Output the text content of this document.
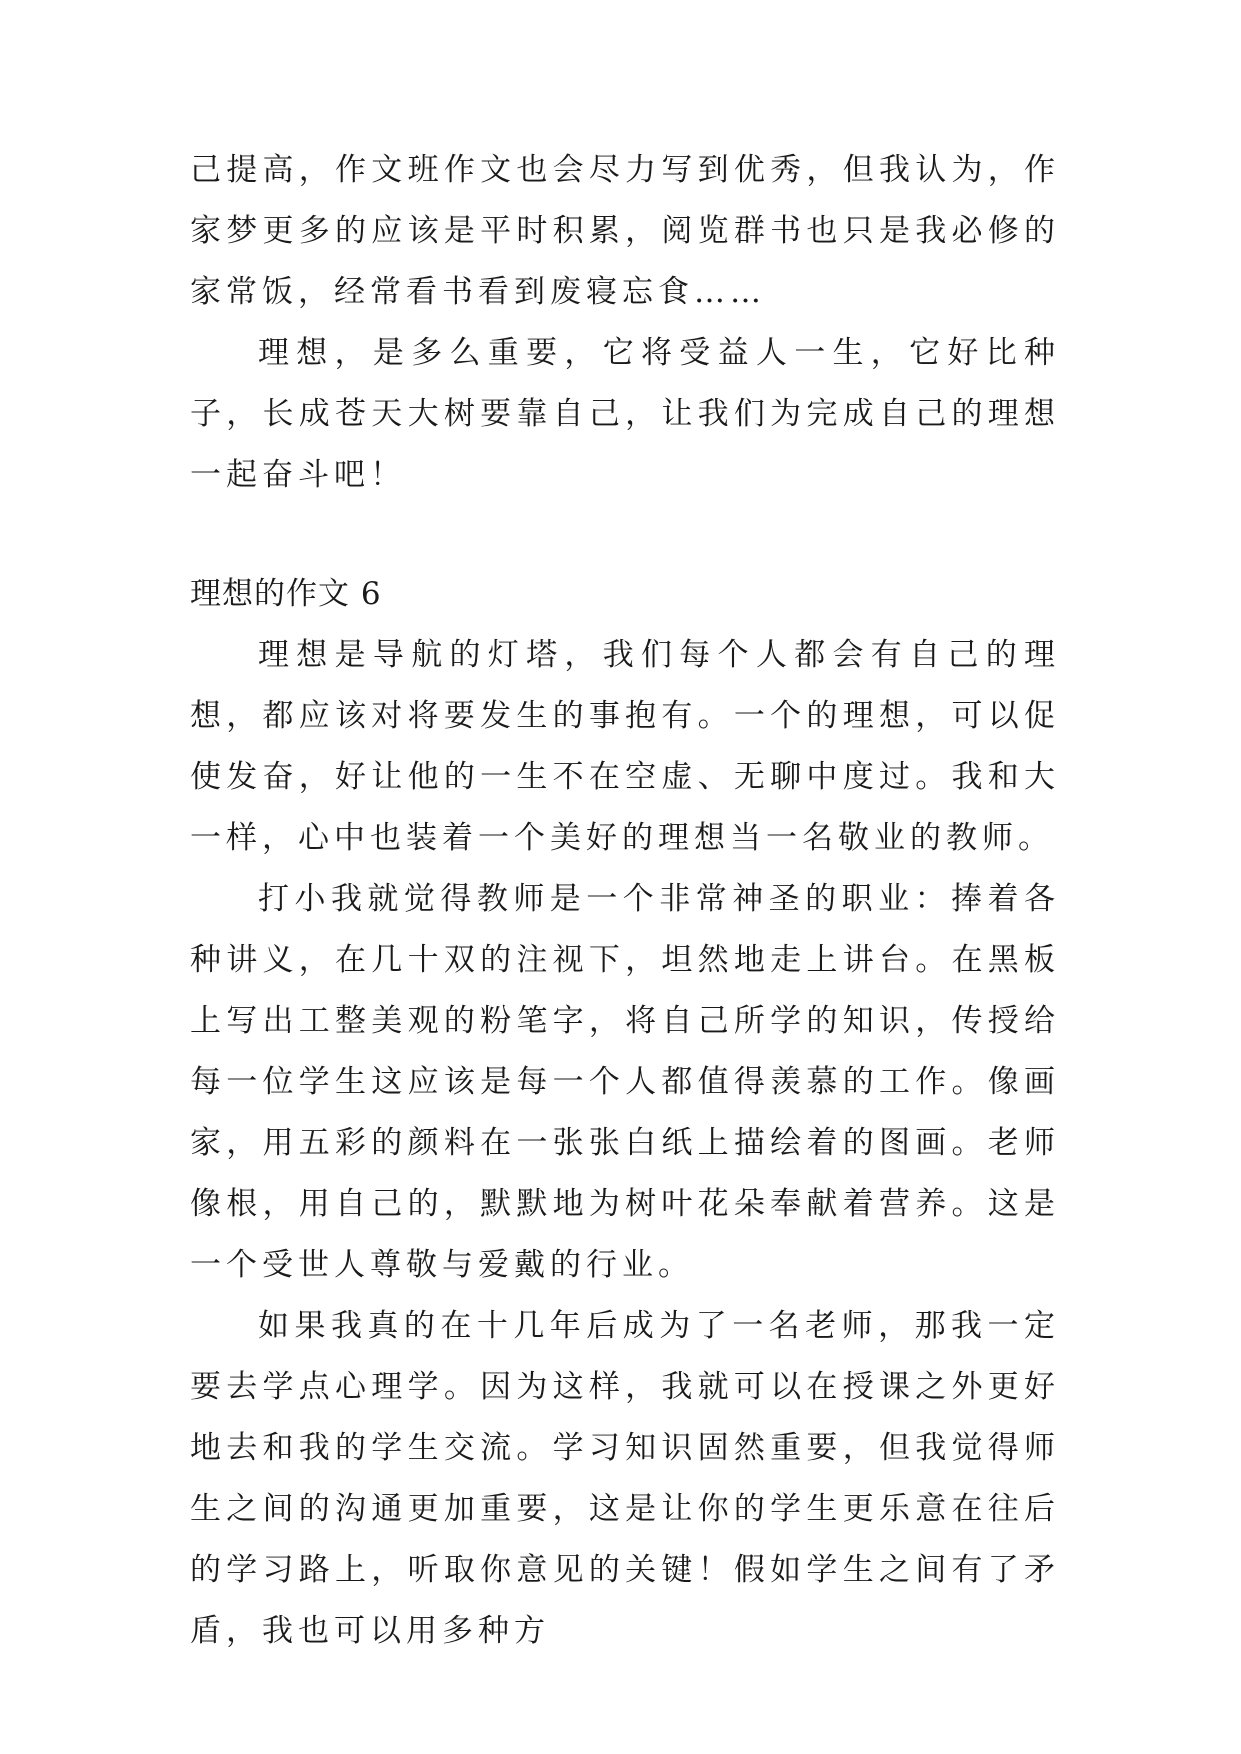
己提高，作文班作文也会尽力写到优秀，但我认为，作家梦更多的应该是平时积累，阅览群书也只是我必修的家常饭，经常看书看到废寝忘食……

理想，是多么重要，它将受益人一生，它好比种子，长成苍天大树要靠自己，让我们为完成自己的理想一起奋斗吧！

理想的作文 6

理想是导航的灯塔，我们每个人都会有自己的理想，都应该对将要发生的事抱有。一个的理想，可以促使发奋，好让他的一生不在空虚、无聊中度过。我和大一样，心中也装着一个美好的理想当一名敬业的教师。

打小我就觉得教师是一个非常神圣的职业：捧着各种讲义，在几十双的注视下，坦然地走上讲台。在黑板上写出工整美观的粉笔字，将自己所学的知识，传授给每一位学生这应该是每一个人都值得羡慕的工作。像画家，用五彩的颜料在一张张白纸上描绘着的图画。老师像根，用自己的，默默地为树叶花朵奉献着营养。这是一个受世人尊敬与爱戴的行业。

如果我真的在十几年后成为了一名老师，那我一定要去学点心理学。因为这样，我就可以在授课之外更好地去和我的学生交流。学习知识固然重要，但我觉得师生之间的沟通更加重要，这是让你的学生更乐意在往后的学习路上，听取你意见的关键！假如学生之间有了矛盾，我也可以用多种方
